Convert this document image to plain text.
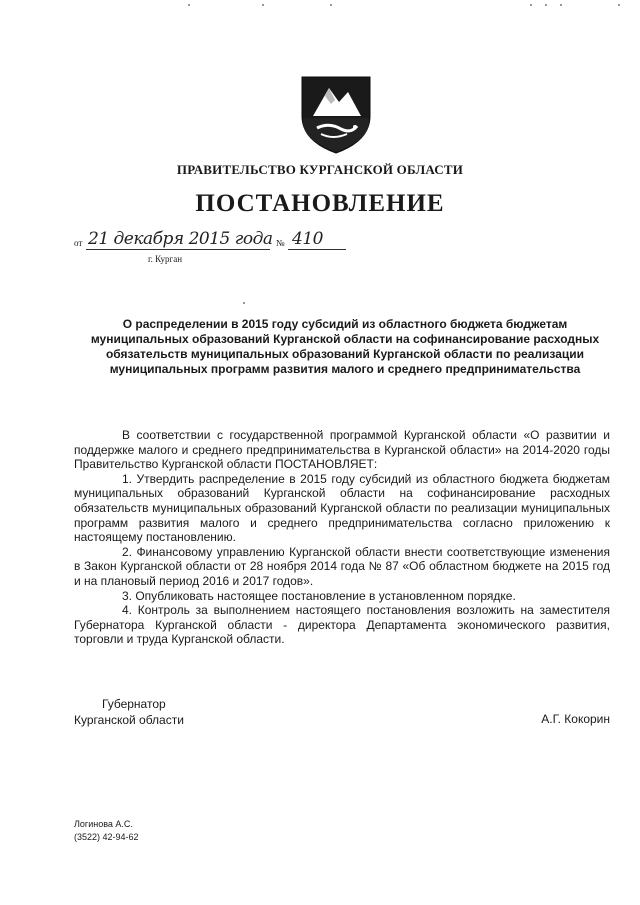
ПРАВИТЕЛЬСТВО КУРГАНСКОЙ ОБЛАСТИ
ПОСТАНОВЛЕНИЕ
от 21 декабря 2015 года № 410
г. Курган
О распределении в 2015 году субсидий из областного бюджета бюджетам муниципальных образований Курганской области на софинансирование расходных обязательств муниципальных образований Курганской области по реализации муниципальных программ развития малого и среднего предпринимательства

В соответствии с государственной программой Курганской области «О развитии и поддержке малого и среднего предпринимательства в Курганской области» на 2014-2020 годы Правительство Курганской области ПОСТАНОВЛЯЕТ:

1. Утвердить распределение в 2015 году субсидий из областного бюджета бюджетам муниципальных образований Курганской области на софинансирование расходных обязательств муниципальных образований Курганской области по реализации муниципальных программ развития малого и среднего предпринимательства согласно приложению к настоящему постановлению.

2. Финансовому управлению Курганской области внести соответствующие изменения в Закон Курганской области от 28 ноября 2014 года № 87 «Об областном бюджете на 2015 год и на плановый период 2016 и 2017 годов».

3. Опубликовать настоящее постановление в установленном порядке.

4. Контроль за выполнением настоящего постановления возложить на заместителя Губернатора Курганской области - директора Департамента экономического развития, торговли и труда Курганской области.

Губернатор
Курганской области	А.Г. Кокорин
Логинова А.С.
(3522) 42-94-62
